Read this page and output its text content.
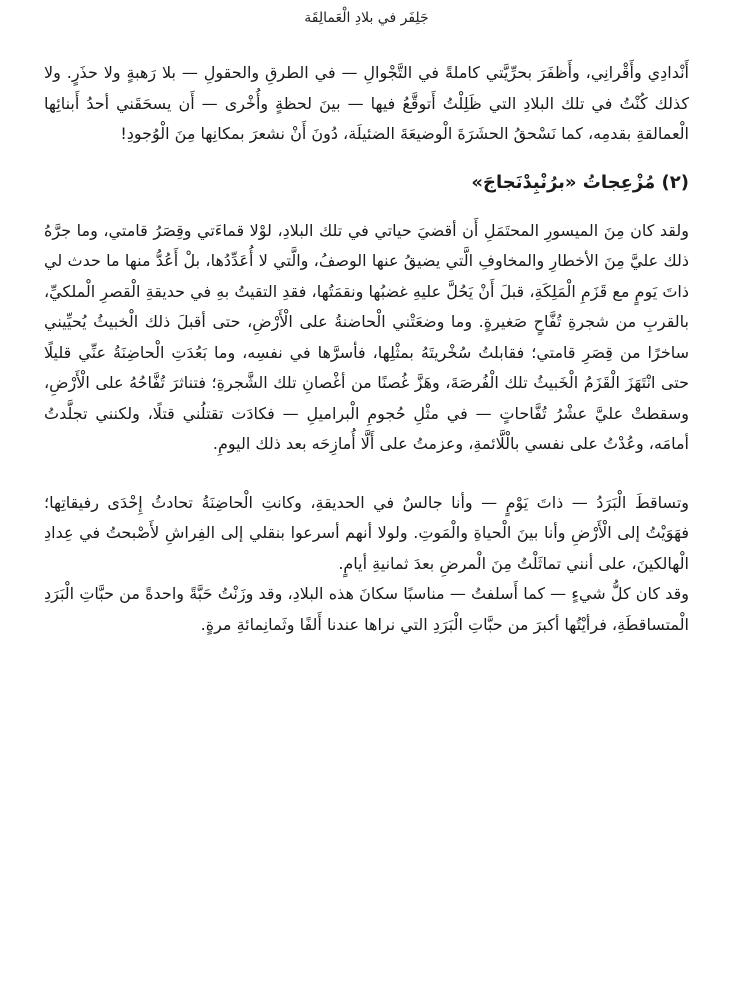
جَلِفَر في بلادِ الْعَمالِقَة

أَنْدادِي وأَقْرانِي، وأَظفَرَ بحرِّيَّتي كاملةً في التَّجْوالِ — في الطرقِ والحقولِ — بلا رَهبةٍ ولا حذَرٍ. ولا كذلك كُنْتُ في تلك البلادِ التي ظَلِلْتُ أَتوقَّعُ فيها — بينَ لحظةٍ وأُخْرى — أَن يسحَقَني أحدُ أَبنائِها الْعمالقةِ بقدمِه، كما نَسْحقُ الحشَرَةَ الْوضيعَةَ الضئيلَة، دُونَ أَنْ نشعرَ بمكانِها مِنَ الْوُجودِ!

(٢) مُزْعِجاتُ «برُنْبِدْنَجاجَ»

ولقد كان مِنَ الميسورِ المحتَمَلِ أَن أقضيَ حياتي في تلك البلادِ، لوْلا قماءَتي وقِصَرُ قامتي، وما جرَّهُ ذلك عليَّ مِنَ الأخطارِ والمخاوفِ الَّتي يضيقُ عنها الوصفُ، والَّتي لا أُعَدِّدُها، بلْ أَعُدُّ منها ما حدث لي ذاتَ يَومٍ مع قَزَمِ الْمَلِكَةِ، قبلَ أَنْ يَحُلَّ عليهِ غضبُها ونقمَتُها، فقدِ التقيتُ بهِ في حديقةِ الْقصرِ الْملكيِّ، بالقربِ من شجرةِ تُفَّاحٍ صَغيرةٍ. وما وضعَتْني الْحاضنةُ على الْأَرْضِ، حتى أقبلَ ذلك الْخبيثُ يُحيِّيني ساخرًا من قِصَرِ قامتي؛ فقابلتُ سُخْريتَهُ بمثْلِها، فأسرَّها في نفسِه، وما بَعُدَتِ الْحاضِنَةُ عنِّي قليلًا حتى انْتَهَزَ الْقَزَمُ الْخَبيثُ تلك الْفُرصَةَ، وهَزَّ غُصنًا من أغْصانِ تلك الشَّجرةِ؛ فتناثرَ تُفَّاحُهُ على الْأَرْضِ، وسقطتْ عليَّ عشْرُ تُفَّاحاتٍ — في مثْلِ حُجومِ الْبراميلِ — فكادَت تقتلُني قتلًا، ولكنني تجلَّدتُ أمامَه، وعُدْتُ على نفسي بالْلَّائمةِ، وعزمتُ على أَلَّا أُمازِحَه بعد ذلك اليومِ.

وتساقطَ الْبَرَدُ — ذاتَ يَوْمٍ — وأنا جالسٌ في الحديقةِ، وكانتِ الْحاضِنَةُ تحادثُ إِحْدَى رفيقاتِها؛ فهَوَيْتُ إلى الْأَرْضِ وأنا بينَ الْحياةِ والْمَوتِ. ولولا أنهم أسرعوا بنقلي إلى الفِراشِ لأَصْبحتُ في عِدادِ الْهالكينَ، على أنني تماثَلْتُ مِنَ الْمرضِ بعدَ ثمانيةِ أيامٍ.

وقد كان كلُّ شيءٍ — كما أَسلفتُ — مناسبًا سكانَ هذه البلادِ، وقد وزَنْتُ حَبَّةً واحدةً من حبَّاتِ الْبَرَدِ الْمتساقطَةِ، فرأيْتُها أكبرَ من حبَّاتِ الْبَرَدِ التي نراها عندنا أَلفًا وثَمانِمائةِ مرةٍ.
